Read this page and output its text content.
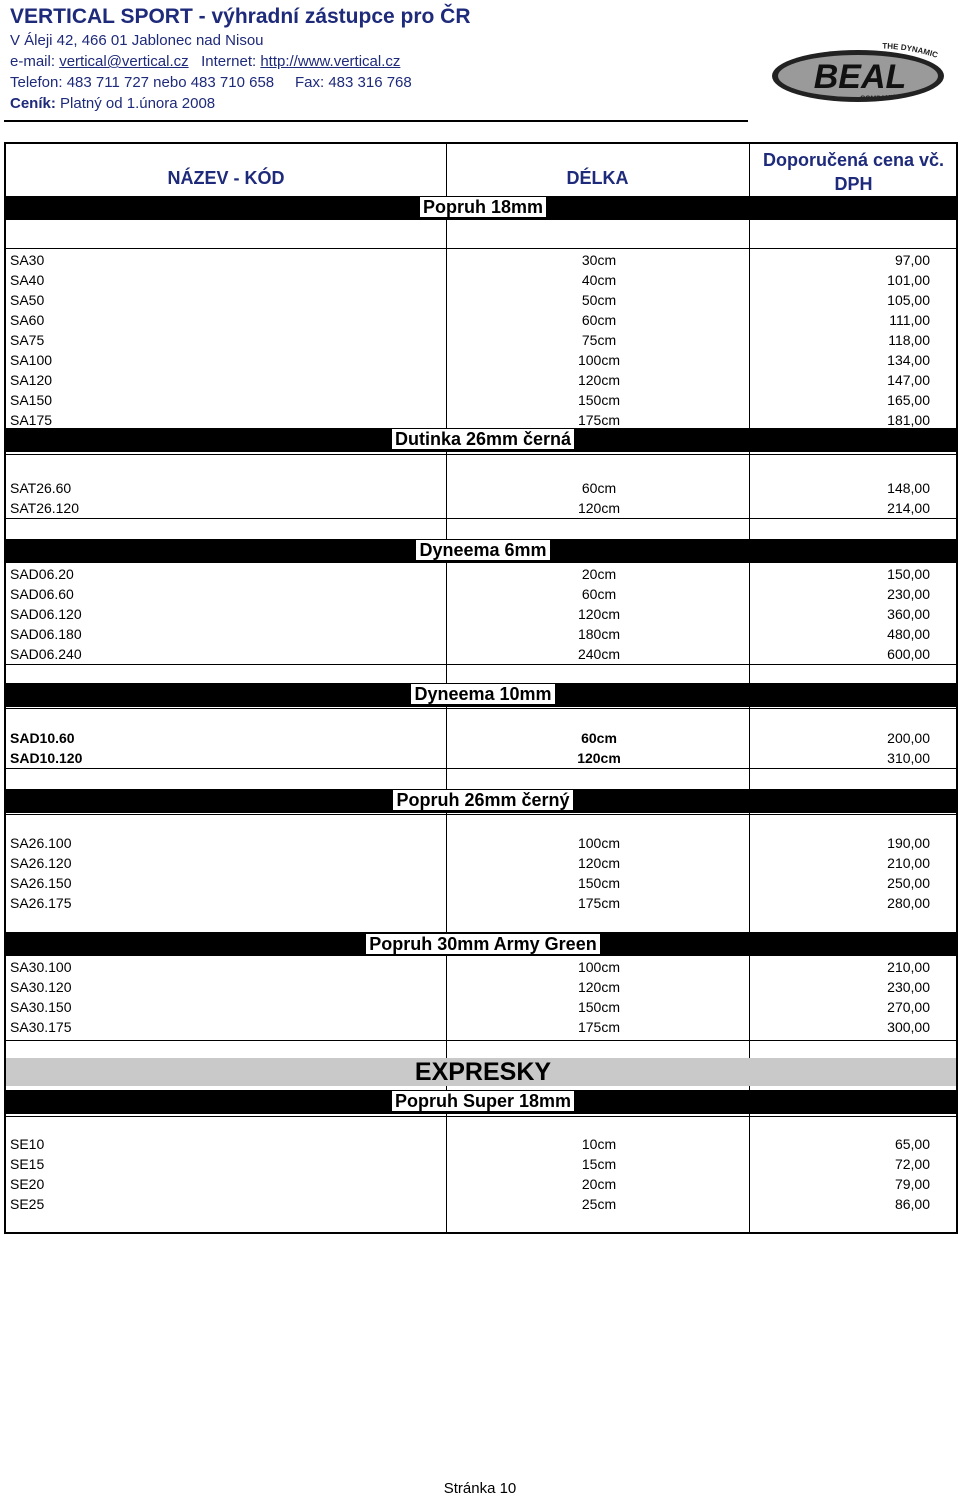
VERTICAL SPORT - výhradní zástupce pro ČR
V Áleji 42, 466 01 Jablonec nad Nisou
e-mail: vertical@vertical.cz Internet: http://www.vertical.cz
Telefon: 483 711 727 nebo 483 710 658 Fax: 483 316 768
Ceník: Platný od 1.února 2008
BEAL
THE DYNAMIC
COMPANY
NÁZEV - KÓD	DÉLKA
Doporučená cena vč.
DPH
Popruh 18mm
SA30	30cm	97,00
SA40	40cm	101,00
SA50	50cm	105,00
SA60	60cm	111,00
SA75	75cm	118,00
SA100	100cm	134,00
SA120	120cm	147,00
SA150	150cm	165,00
SA175	175cm	181,00
Dutinka 26mm černá
SAT26.60	60cm	148,00
SAT26.120	120cm	214,00
Dyneema 6mm
SAD06.20	20cm	150,00
SAD06.60	60cm	230,00
SAD06.120	120cm	360,00
SAD06.180	180cm	480,00
SAD06.240	240cm	600,00
Dyneema 10mm
SAD10.60	60cm	200,00
SAD10.120	120cm	310,00
Popruh 26mm černý
SA26.100	100cm	190,00
SA26.120	120cm	210,00
SA26.150	150cm	250,00
SA26.175	175cm	280,00
Popruh 30mm Army Green
SA30.100	100cm	210,00
SA30.120	120cm	230,00
SA30.150	150cm	270,00
SA30.175	175cm	300,00
EXPRESKY
Popruh Super 18mm
SE10	10cm	65,00
SE15	15cm	72,00
SE20	20cm	79,00
SE25	25cm	86,00
Stránka 10
